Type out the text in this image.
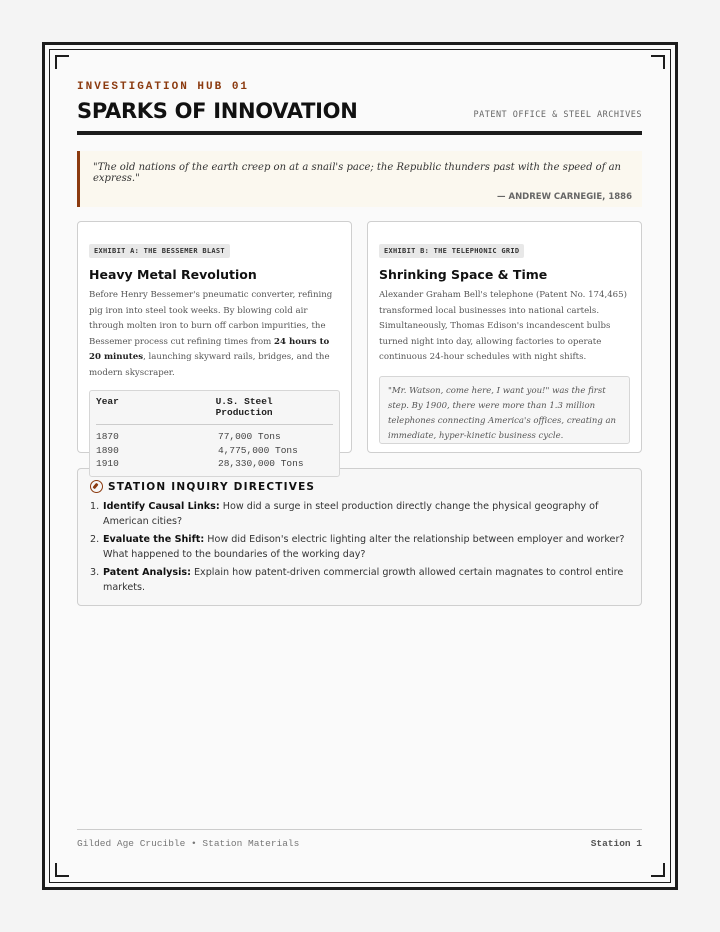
INVESTIGATION HUB 01
SPARKS OF INNOVATION	PATENT OFFICE & STEEL ARCHIVES
"The old nations of the earth creep on at a snail's pace; the Republic thunders past with the speed of an express."
— ANDREW CARNEGIE, 1886
EXHIBIT A: THE BESSEMER BLAST
Heavy Metal Revolution
Before Henry Bessemer's pneumatic converter, refining pig iron into steel took weeks. By blowing cold air through molten iron to burn off carbon impurities, the Bessemer process cut refining times from 24 hours to 20 minutes, launching skyward rails, bridges, and the modern skyscraper.
Year	U.S. Steel Production
1870	77,000 Tons
1890	4,775,000 Tons
1910	28,330,000 Tons
EXHIBIT B: THE TELEPHONIC GRID
Shrinking Space & Time
Alexander Graham Bell's telephone (Patent No. 174,465) transformed local businesses into national cartels. Simultaneously, Thomas Edison's incandescent bulbs turned night into day, allowing factories to operate continuous 24-hour schedules with night shifts.
"Mr. Watson, come here, I want you!" was the first step. By 1900, there were more than 1.3 million telephones connecting America's offices, creating an immediate, hyper-kinetic business cycle.
STATION INQUIRY DIRECTIVES
1. Identify Causal Links: How did a surge in steel production directly change the physical geography of American cities?
2. Evaluate the Shift: How did Edison's electric lighting alter the relationship between employer and worker? What happened to the boundaries of the working day?
3. Patent Analysis: Explain how patent-driven commercial growth allowed certain magnates to control entire markets.
Gilded Age Crucible • Station Materials	Station 1
